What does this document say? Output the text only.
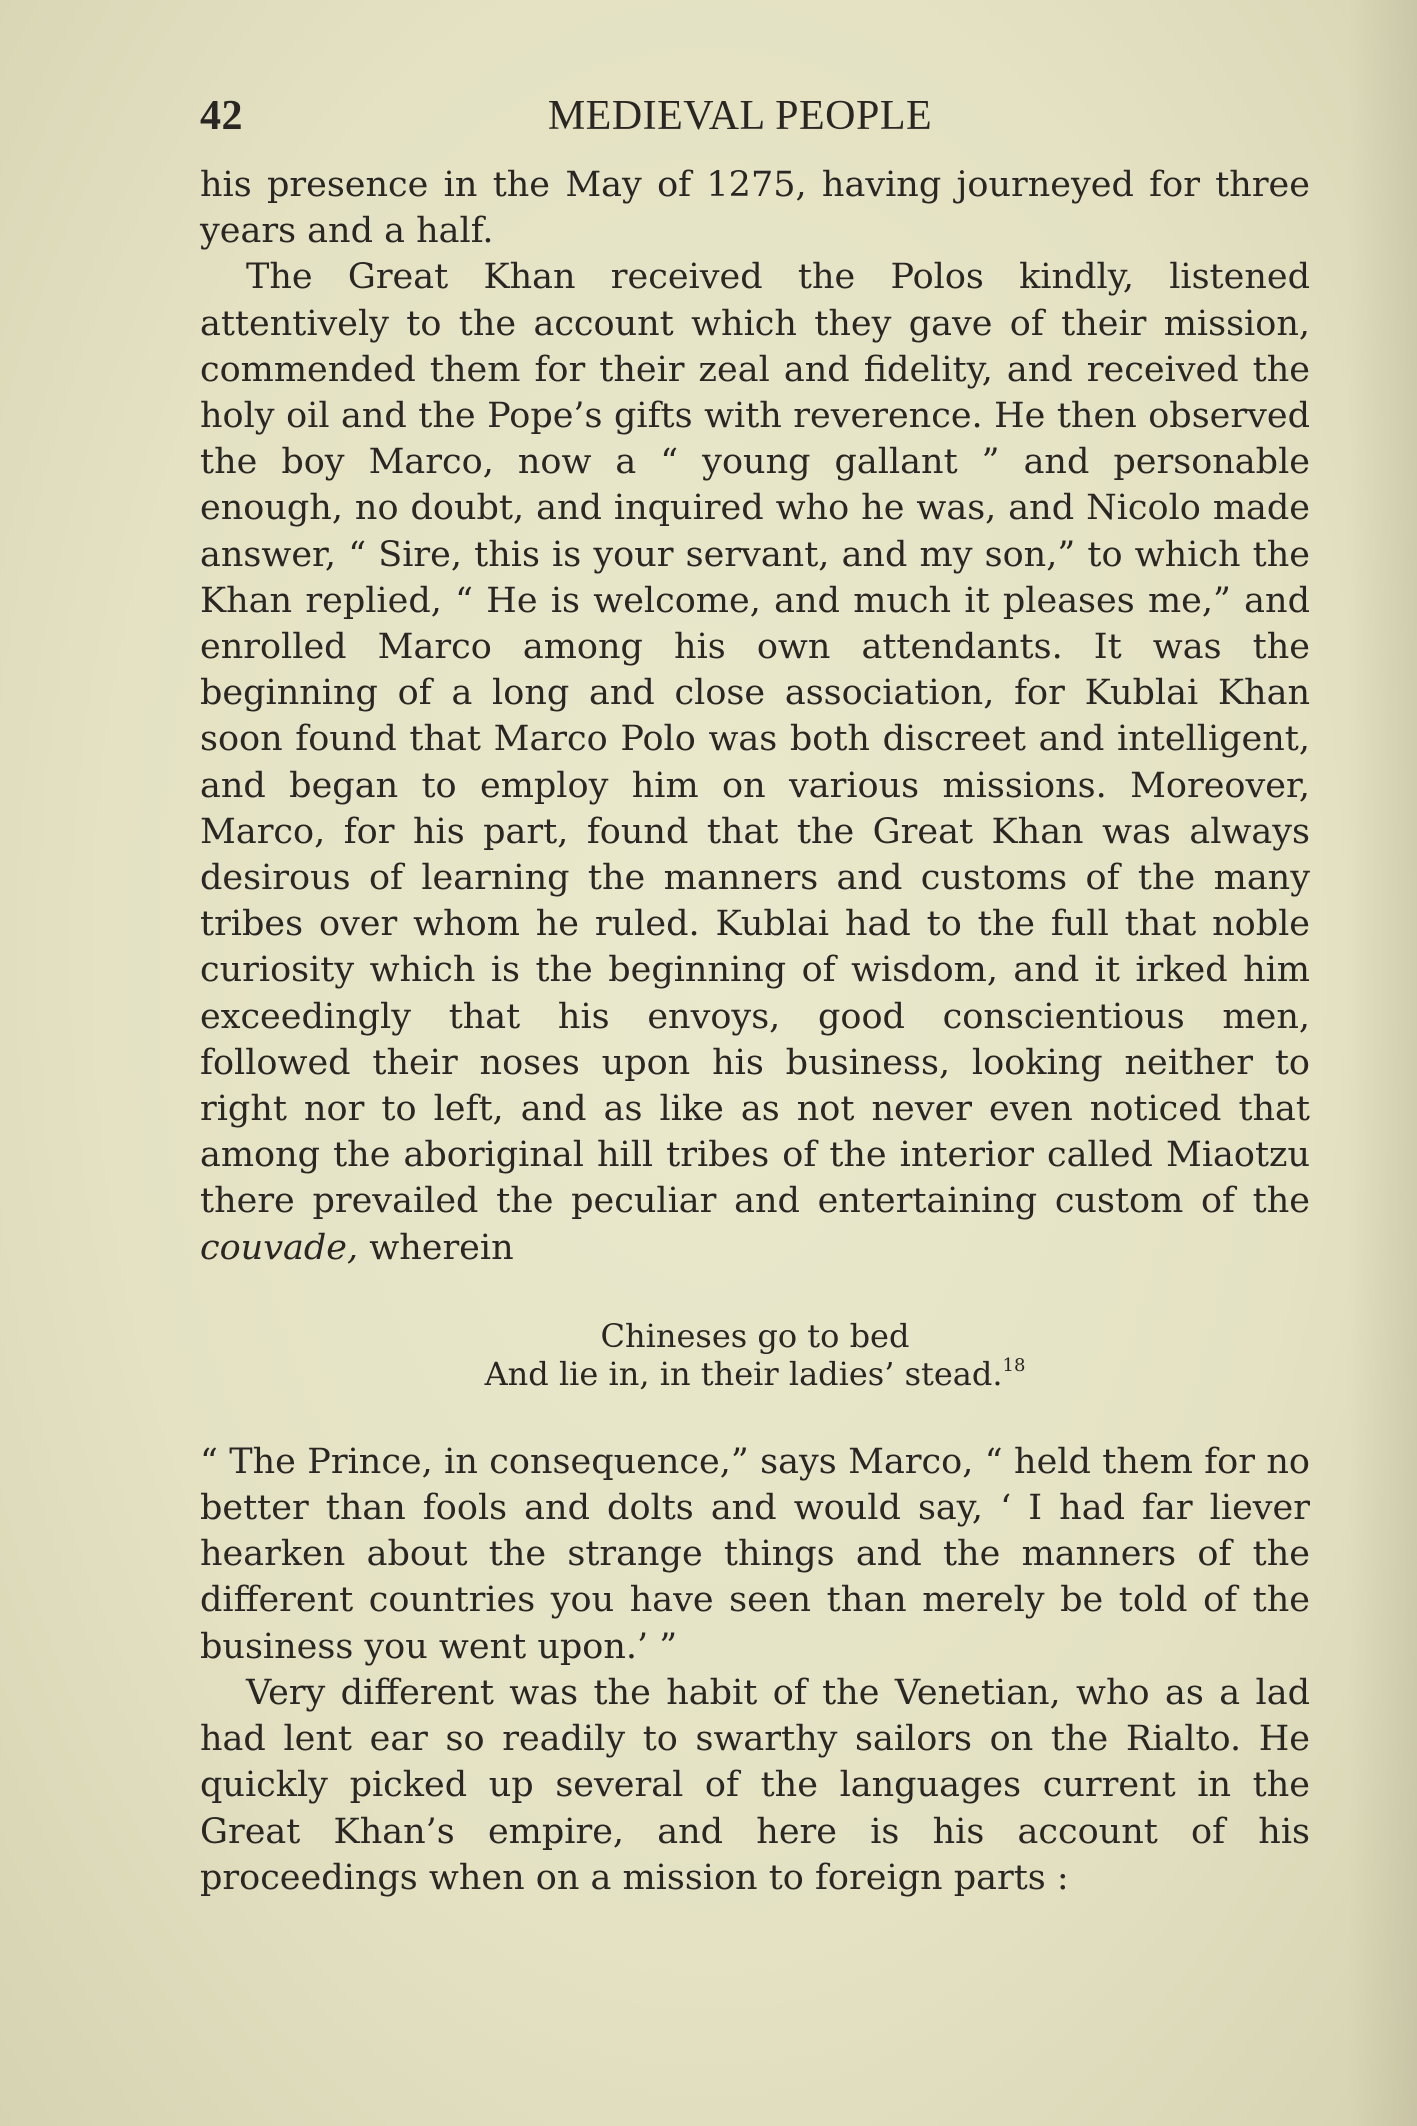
42	MEDIEVAL PEOPLE

his presence in the May of 1275, having journeyed for three years and a half.

The Great Khan received the Polos kindly, listened attentively to the account which they gave of their mission, commended them for their zeal and fidelity, and received the holy oil and the Pope’s gifts with reverence. He then observed the boy Marco, now a “ young gallant ” and personable enough, no doubt, and inquired who he was, and Nicolo made answer, “ Sire, this is your servant, and my son,” to which the Khan replied, “ He is welcome, and much it pleases me,” and enrolled Marco among his own attendants. It was the beginning of a long and close association, for Kublai Khan soon found that Marco Polo was both discreet and intelligent, and began to employ him on various missions. Moreover, Marco, for his part, found that the Great Khan was always desirous of learning the manners and customs of the many tribes over whom he ruled. Kublai had to the full that noble curiosity which is the beginning of wisdom, and it irked him exceedingly that his envoys, good conscientious men, followed their noses upon his business, looking neither to right nor to left, and as like as not never even noticed that among the aboriginal hill tribes of the interior called Miaotzu there prevailed the peculiar and entertaining custom of the couvade, wherein

Chineses go to bed
And lie in, in their ladies’ stead.$^{18}$

“ The Prince, in consequence,” says Marco, “ held them for no better than fools and dolts and would say, ‘ I had far liever hearken about the strange things and the manners of the different countries you have seen than merely be told of the business you went upon.’ ”

Very different was the habit of the Venetian, who as a lad had lent ear so readily to swarthy sailors on the Rialto. He quickly picked up several of the languages current in the Great Khan’s empire, and here is his account of his proceedings when on a mission to foreign parts :
